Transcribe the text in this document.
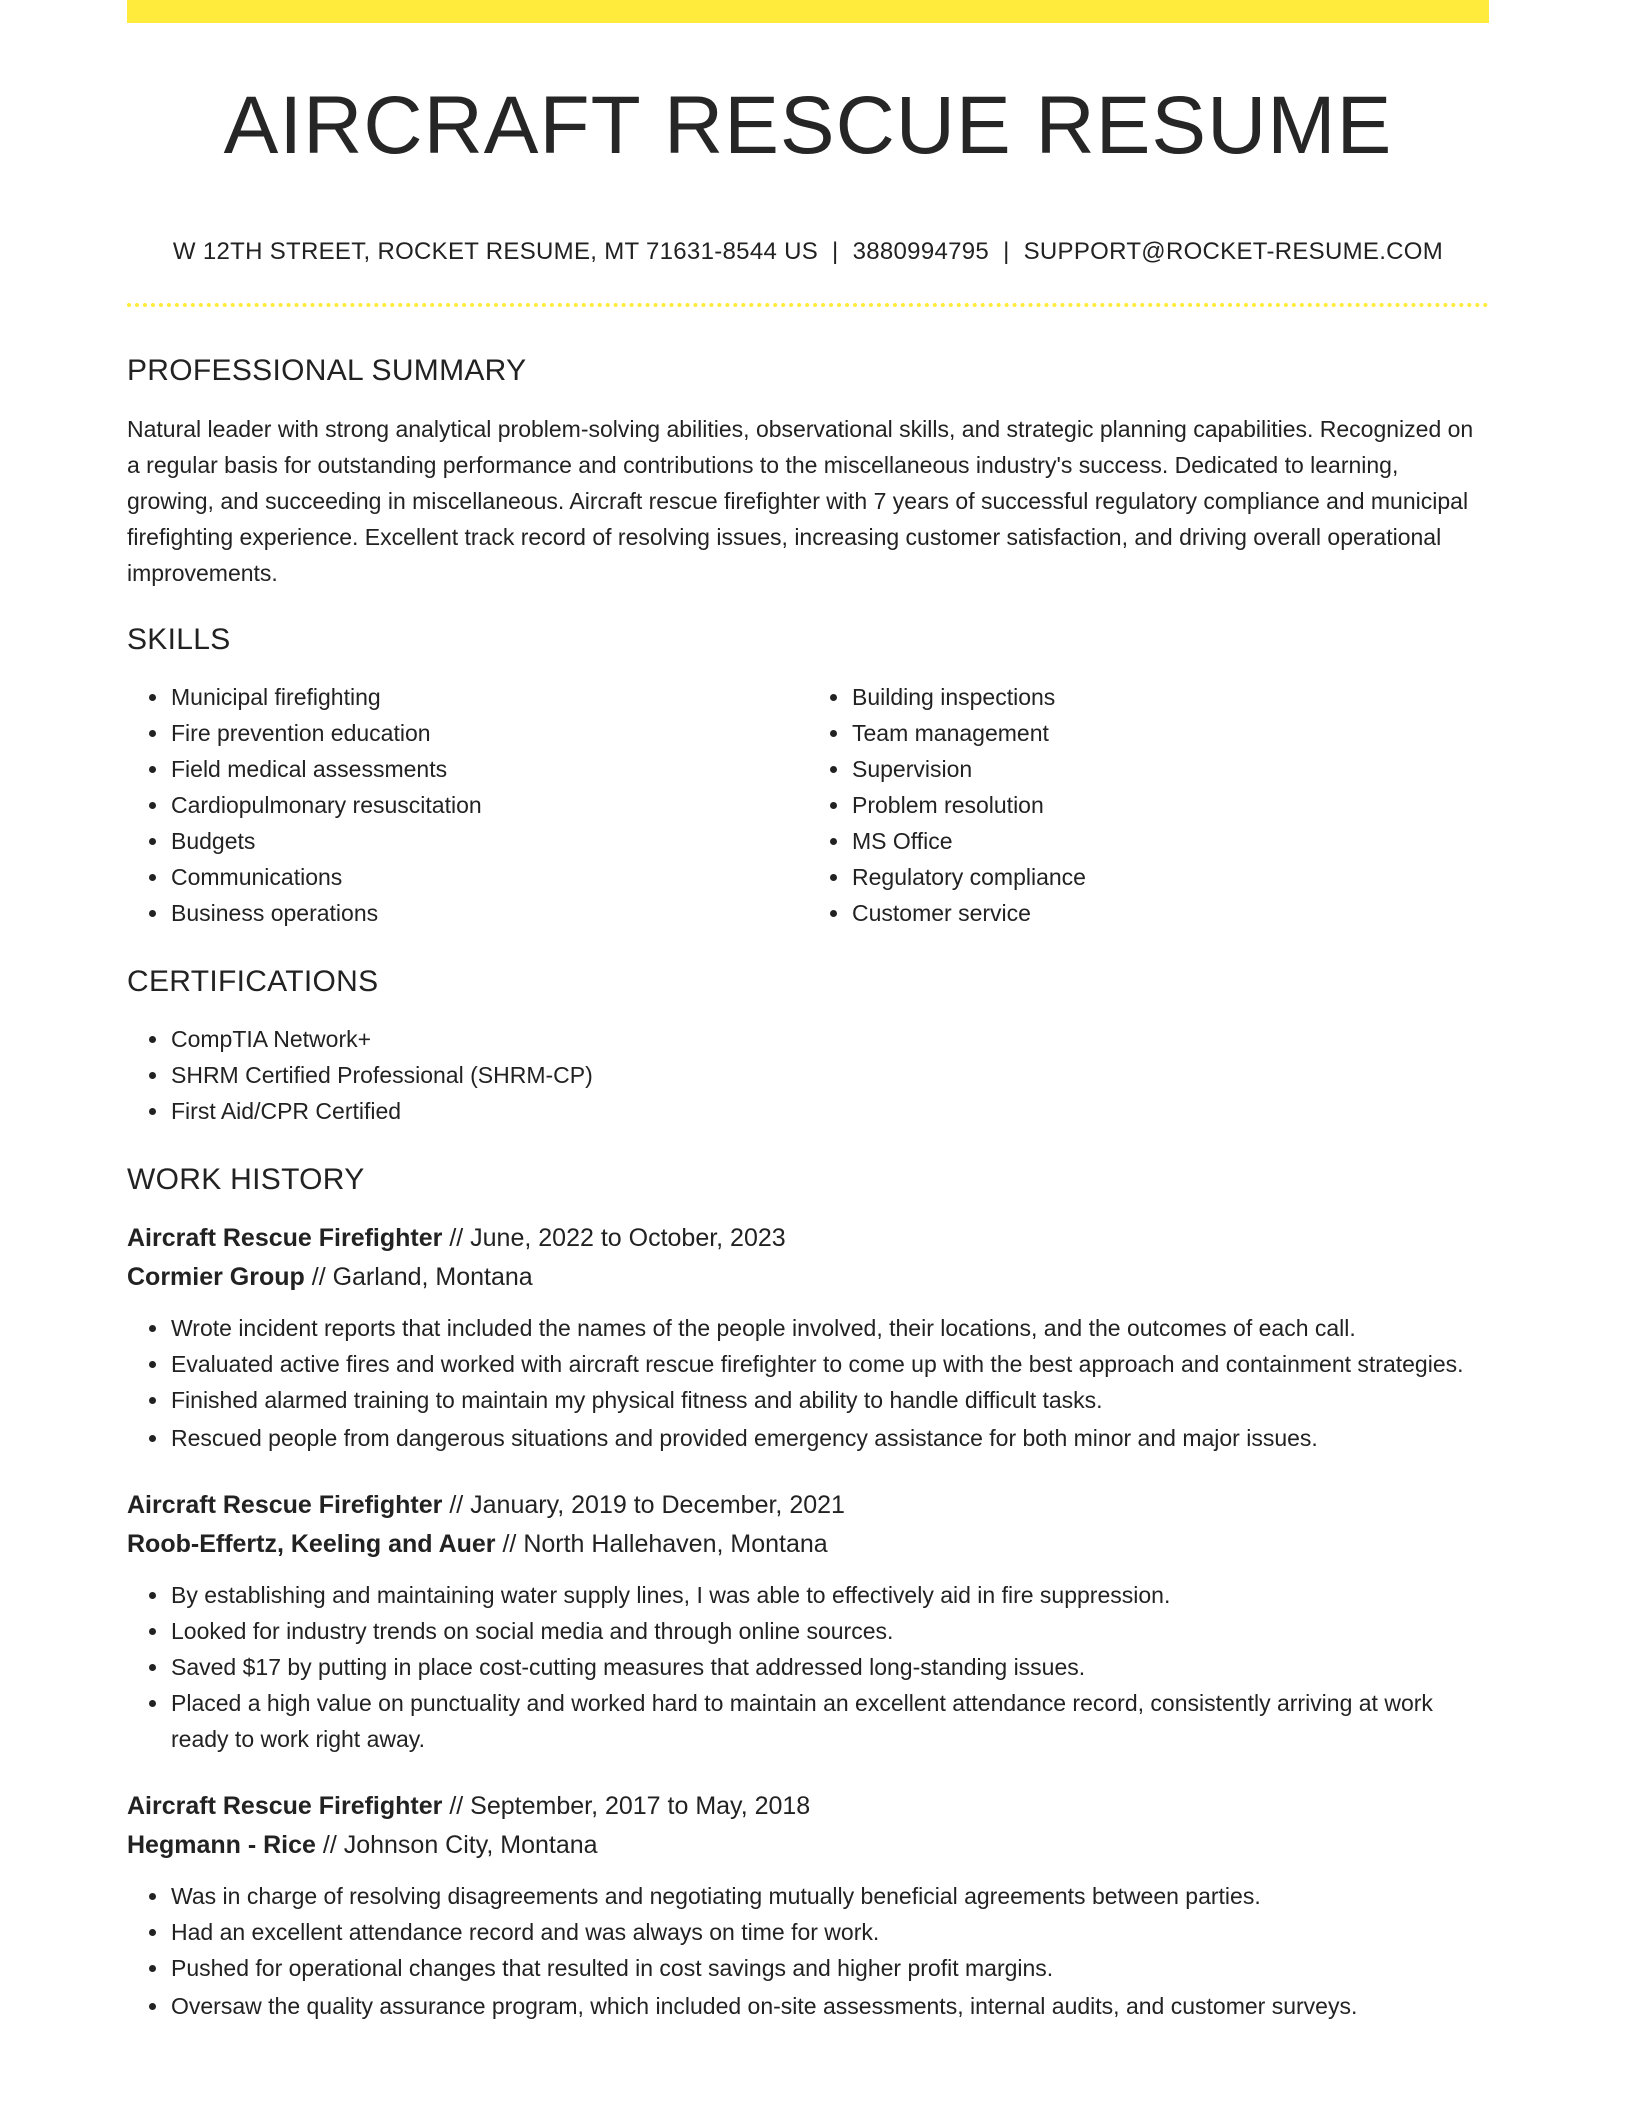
AIRCRAFT RESCUE RESUME
W 12TH STREET, ROCKET RESUME, MT 71631-8544 US | 3880994795 | SUPPORT@ROCKET-RESUME.COM
PROFESSIONAL SUMMARY

Natural leader with strong analytical problem-solving abilities, observational skills, and strategic planning capabilities. Recognized on a regular basis for outstanding performance and contributions to the miscellaneous industry's success. Dedicated to learning, growing, and succeeding in miscellaneous. Aircraft rescue firefighter with 7 years of successful regulatory compliance and municipal firefighting experience. Excellent track record of resolving issues, increasing customer satisfaction, and driving overall operational improvements.

SKILLS
• Municipal firefighting
• Fire prevention education
• Field medical assessments
• Cardiopulmonary resuscitation
• Budgets
• Communications
• Business operations
• Building inspections
• Team management
• Supervision
• Problem resolution
• MS Office
• Regulatory compliance
• Customer service
CERTIFICATIONS
• CompTIA Network+
• SHRM Certified Professional (SHRM-CP)
• First Aid/CPR Certified
WORK HISTORY
Aircraft Rescue Firefighter // June, 2022 to October, 2023
Cormier Group // Garland, Montana
• Wrote incident reports that included the names of the people involved, their locations, and the outcomes of each call.
• Evaluated active fires and worked with aircraft rescue firefighter to come up with the best approach and containment strategies.
• Finished alarmed training to maintain my physical fitness and ability to handle difficult tasks.
• Rescued people from dangerous situations and provided emergency assistance for both minor and major issues.
Aircraft Rescue Firefighter // January, 2019 to December, 2021
Roob-Effertz, Keeling and Auer // North Hallehaven, Montana
• By establishing and maintaining water supply lines, I was able to effectively aid in fire suppression.
• Looked for industry trends on social media and through online sources.
• Saved $17 by putting in place cost-cutting measures that addressed long-standing issues.
• Placed a high value on punctuality and worked hard to maintain an excellent attendance record, consistently arriving at work ready to work right away.
Aircraft Rescue Firefighter // September, 2017 to May, 2018
Hegmann - Rice // Johnson City, Montana
• Was in charge of resolving disagreements and negotiating mutually beneficial agreements between parties.
• Had an excellent attendance record and was always on time for work.
• Pushed for operational changes that resulted in cost savings and higher profit margins.
• Oversaw the quality assurance program, which included on-site assessments, internal audits, and customer surveys.
